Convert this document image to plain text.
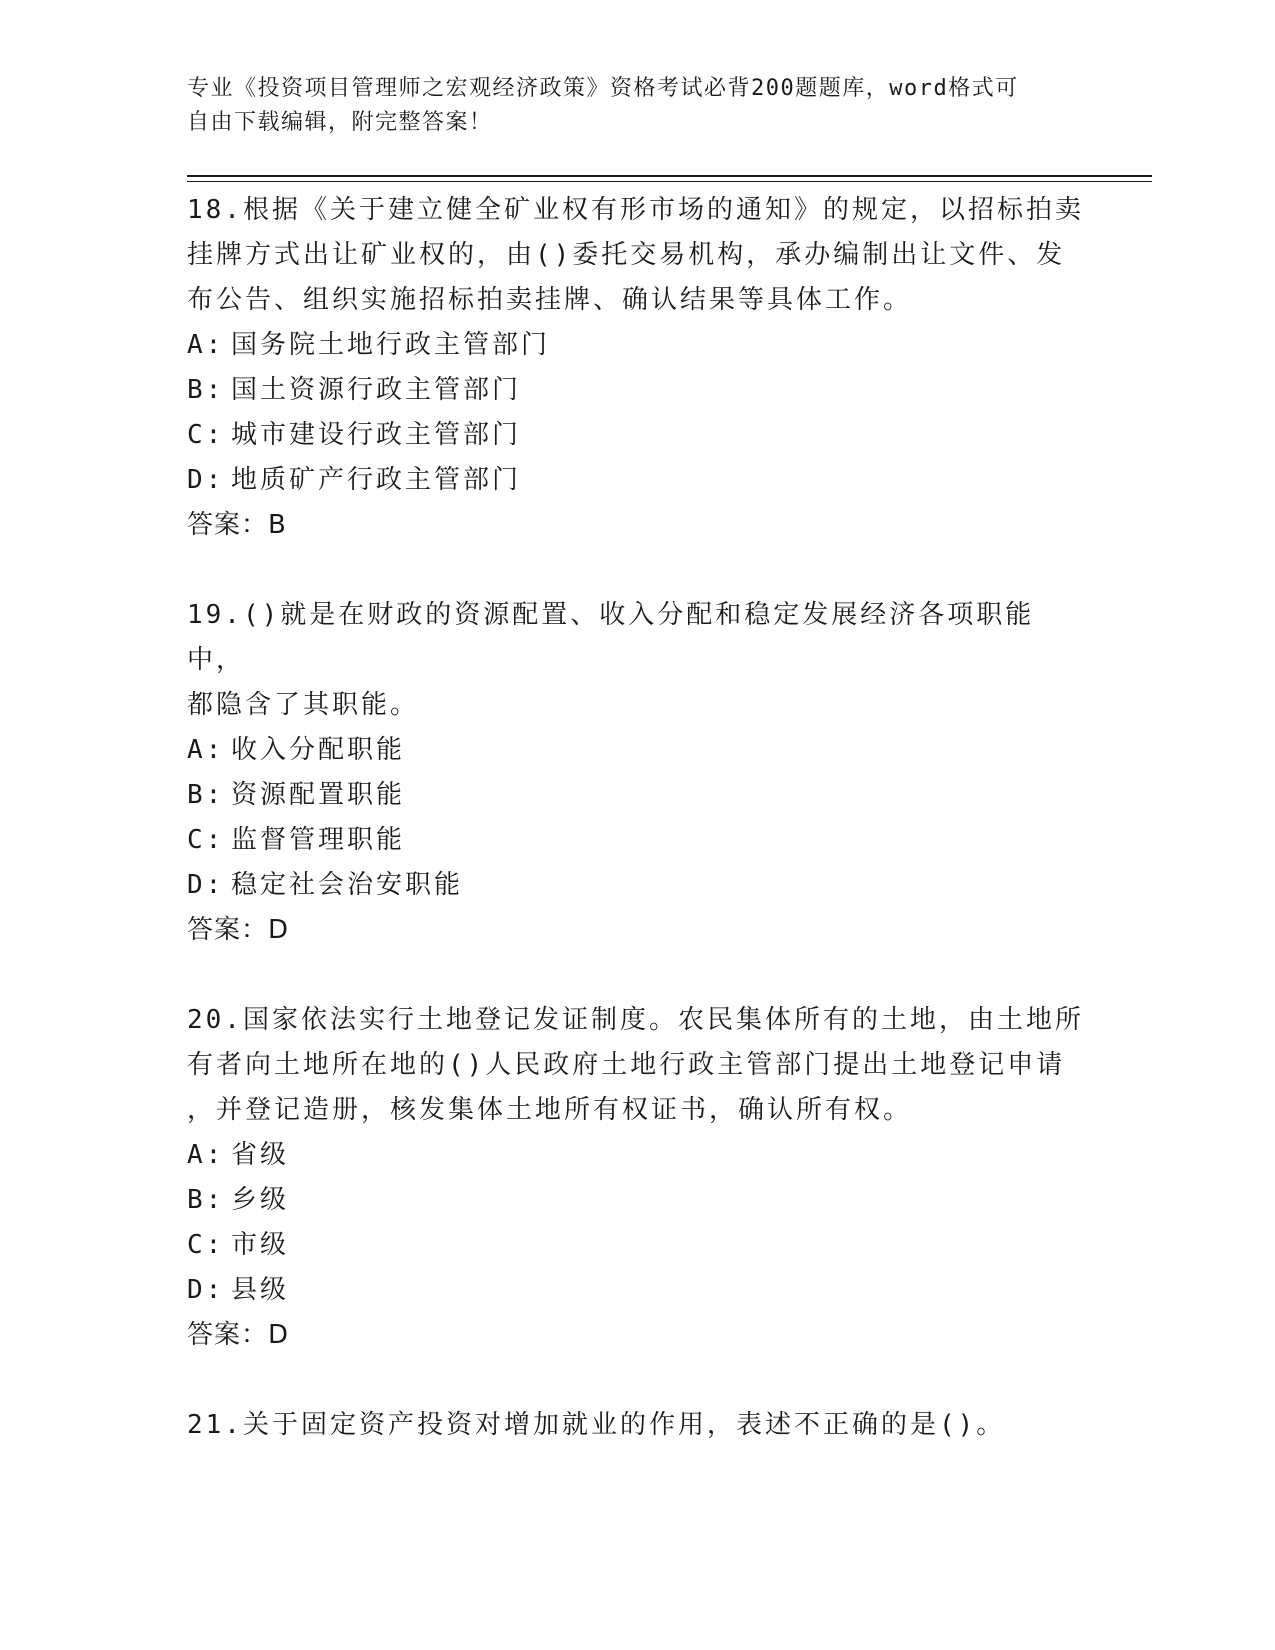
专业《投资项目管理师之宏观经济政策》资格考试必背200题题库，word格式可
自由下载编辑，附完整答案！
18.根据《关于建立健全矿业权有形市场的通知》的规定，以招标拍卖
挂牌方式出让矿业权的，由()委托交易机构，承办编制出让文件、发
布公告、组织实施招标拍卖挂牌、确认结果等具体工作。
A: 国务院土地行政主管部门
B: 国土资源行政主管部门
C: 城市建设行政主管部门
D: 地质矿产行政主管部门
答案：B
19.()就是在财政的资源配置、收入分配和稳定发展经济各项职能中，
都隐含了其职能。
A: 收入分配职能
B: 资源配置职能
C: 监督管理职能
D: 稳定社会治安职能
答案：D
20.国家依法实行土地登记发证制度。农民集体所有的土地，由土地所
有者向土地所在地的()人民政府土地行政主管部门提出土地登记申请
，并登记造册，核发集体土地所有权证书，确认所有权。
A: 省级
B: 乡级
C: 市级
D: 县级
答案：D
21.关于固定资产投资对增加就业的作用，表述不正确的是()。
